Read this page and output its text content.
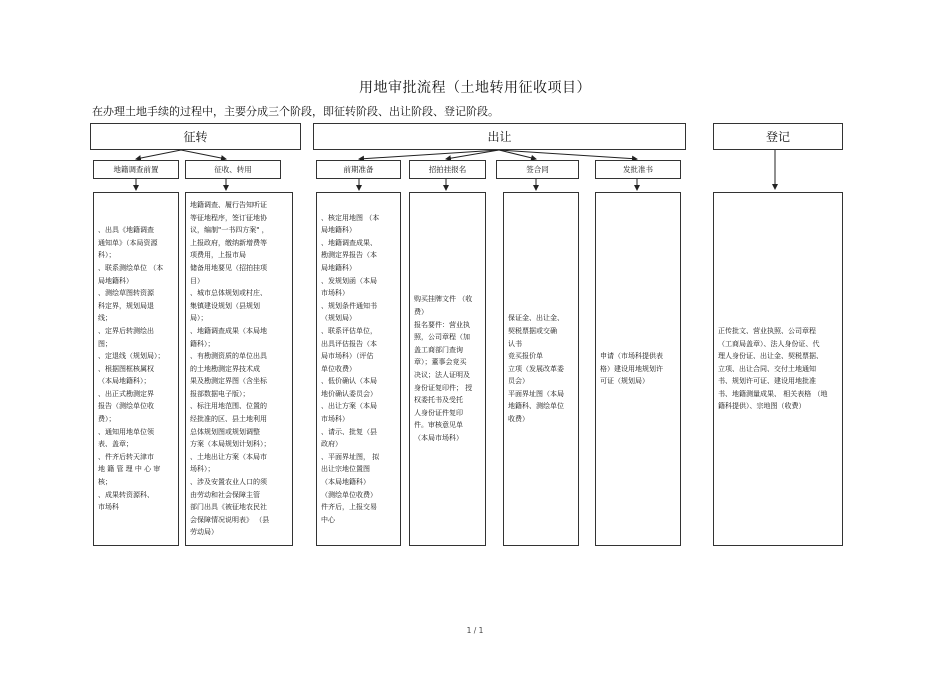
用地审批流程（土地转用征收项目）
在办理土地手续的过程中，主要分成三个阶段，即征转阶段、出让阶段、登记阶段。
征转	出让	登记
地籍调查前置	征收、转用	前期准备	招拍挂报名	签合同	发批准书
、出具《地籍调查
通知单》（本局资源
科）；
、联系测绘单位 （本
局地籍科）
、测绘草图转资源
科定界，规划局退
线；
、定界后转测绘出
图；
、定退线（规划局）；
、根据图框核属权
（本局地籍科）；
、出正式勘测定界
报告（测绘单位收
费）；
、通知用地单位领
表、盖章；
、件齐后转天津市
地 籍 管 理 中 心 审
核；
、成果转资源科、
市场科
地籍调查、履行告知听证
等征地程序，签订征地协
议，编制"一书四方案" ，
上报政府，缴纳新增费等
项费用，上报市局
储备用地要见（招拍挂项
目）
、城市总体规划或村庄、
集镇建设规划（县规划
局）；
、地籍调查成果（本局地
籍科）；
、有勘测资质的单位出具
的土地勘测定界技术成
果及勘测定界图（含坐标
报部数据电子版）；
、标注用地范围、位置的
经批准的区、县土地利用
总体规划图或规划调整
方案（本局规划计划科）；
、土地出让方案（本局市
场科）；
、涉及安置农业人口的须
由劳动和社会保障主管
部门出具《被征地农民社
会保障情况说明表》 （县
劳动局）
、核定用地图 （本
局地籍科）
、地籍调查成果、
勘测定界报告（本
局地籍科）
、发规划函（本局
市场科）
、规划条件通知书
（规划局）
、联系评估单位，
出具评估报告（本
局市场科）（评估
单位收费）
、低价确认（本局
地价确认委员会）
、出让方案（本局
市场科）
、请示、批复（县
政府）
、平面界址图， 拟
出让宗地位置图
（本局地籍科）
（测绘单位收费）
件齐后，上报交易
中心
购买挂牌文件 （收
费）
报名要件：营业执
照，公司章程（加
盖工商部门查询
章）；董事会竞买
决议；法人证明及
身份证复印件； 授
权委托书及受托
人身份证件复印
件。审核意见单
（本局市场科）
保证金、出让金、
契税票据或交确
认书
竞买报价单
立项（发展改革委
员会）
平面界址图（本局
地籍科、测绘单位
收费）
申请（市场科提供表
格）建设用地规划许
可证（规划局）
正传批文、营业执照、公司章程
（工商局盖章）、法人身份证、代
理人身份证、出让金、契税票据、
立项、出让合同、交付土地通知
书、规划许可证、建设用地批准
书、地籍测量成果、 相关表格 （地
籍科提供）、宗地图（收费）
1 / 1
